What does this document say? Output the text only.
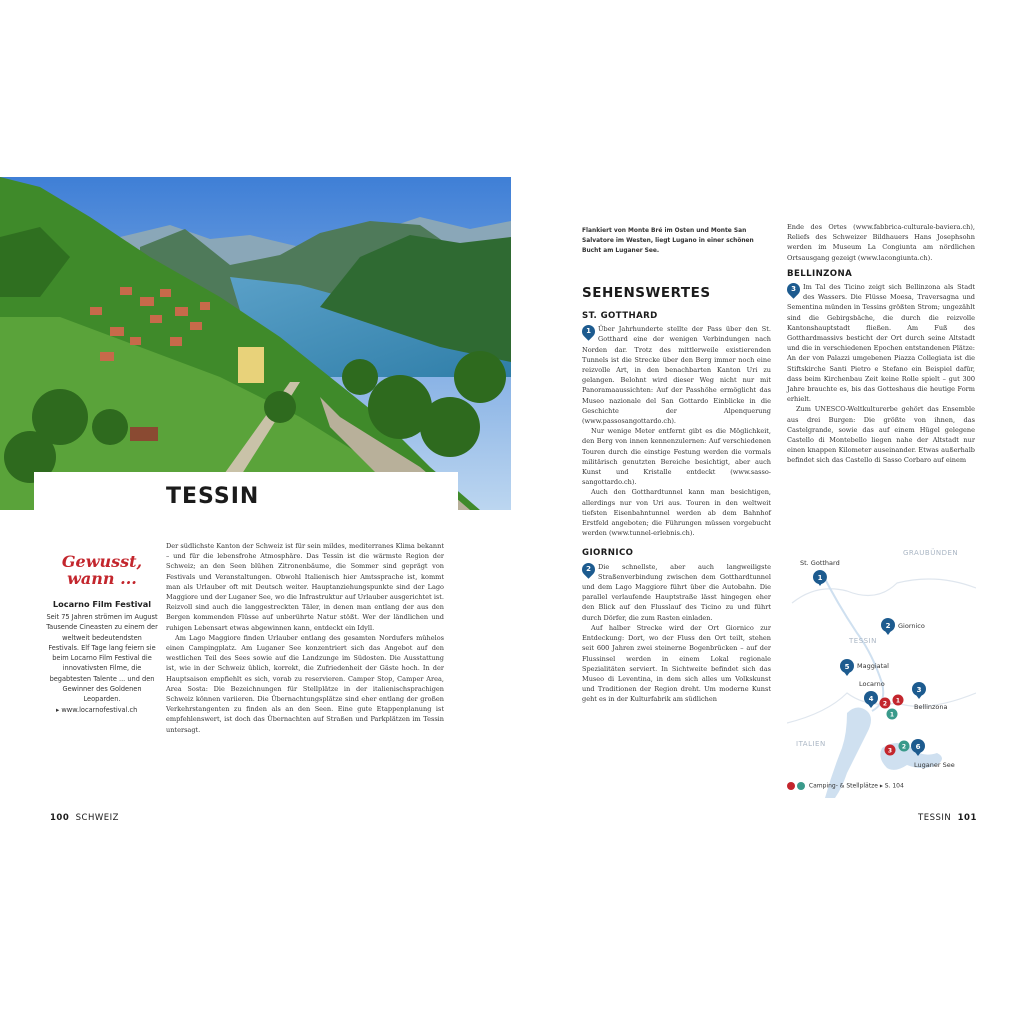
TESSIN
Gewusst,
wann ...
Locarno Film Festival
Seit 75 Jahren strömen im August Tausende Cineasten zu einem der weltweit bedeutendsten Festivals. Elf Tage lang feiern sie beim Locarno Film Festival die innovativsten Filme, die begabtesten Talente ... und den Gewinner des Goldenen Leoparden.
▸ www.locarnofestival.ch

Der südlichste Kanton der Schweiz ist für sein mildes, mediterranes Klima bekannt – und für die lebensfrohe Atmosphäre. Das Tessin ist die wärmste Region der Schweiz; an den Seen blühen Zitronenbäume, die Sommer sind geprägt von Festivals und Veranstaltungen. Obwohl Italienisch hier Amtssprache ist, kommt man als Urlauber oft mit Deutsch weiter. Hauptanziehungspunkte sind der Lago Maggiore und der Luganer See, wo die Infrastruktur auf Urlauber ausgerichtet ist. Reizvoll sind auch die langgestreckten Täler, in denen man entlang der aus den Bergen kommenden Flüsse auf unberührte Natur stößt. Wer der ländlichen und ruhigen Lebensart etwas abgewinnen kann, entdeckt ein Idyll.

Am Lago Maggiore finden Urlauber entlang des gesamten Nordufers mühelos einen Campingplatz. Am Luganer See konzentriert sich das Angebot auf den westlichen Teil des Sees sowie auf die Landzunge im Südosten. Die Ausstattung ist, wie in der Schweiz üblich, korrekt, die Zufriedenheit der Gäste hoch. In der Hauptsaison empfiehlt es sich, vorab zu reservieren. Camper Stop, Camper Area, Area Sosta: Die Bezeichnungen für Stellplätze in der italienischsprachigen Schweiz können variieren. Die Übernachtungsplätze sind eher entlang der großen Verkehrstangenten zu finden als an den Seen. Eine gute Etappenplanung ist empfehlenswert, ist doch das Übernachten auf Straßen und Parkplätzen im Tessin untersagt.

100 SCHWEIZ
Flankiert von Monte Bré im Osten und Monte San Salvatore im Westen, liegt Lugano in einer schönen Bucht am Luganer See.
SEHENSWERTES
ST. GOTTHARD

1	Über Jahrhunderte stellte der Pass über den St. Gotthard eine der wenigen Verbindungen nach Norden dar. Trotz des mittlerweile existierenden Tunnels ist die Strecke über den Berg immer noch eine reizvolle Art, in den benachbarten Kanton Uri zu gelangen. Belohnt wird dieser Weg nicht nur mit Panoramaaussichten: Auf der Passhöhe ermöglicht das Museo nazionale del San Gottardo Einblicke in die Geschichte der Alpenquerung (www.passosangottardo.ch).

Nur wenige Meter entfernt gibt es die Möglichkeit, den Berg von innen kennenzulernen: Auf verschiedenen Touren durch die einstige Festung werden die vormals militärisch genutzten Bereiche besichtigt, aber auch Kunst und Kristalle entdeckt (www.sasso-sangottardo.ch).

Auch den Gotthardtunnel kann man besichtigen, allerdings nur von Uri aus. Touren in den weltweit tiefsten Eisenbahntunnel werden ab dem Bahnhof Erstfeld angeboten; die Führungen müssen vorgebucht werden (www.tunnel-erlebnis.ch).

GIORNICO

2	Die schnellste, aber auch langweiligste Straßenverbindung zwischen dem Gotthardtunnel und dem Lago Maggiore führt über die Autobahn. Die parallel verlaufende Hauptstraße lässt hingegen eher den Blick auf den Flusslauf des Ticino zu und führt durch Dörfer, die zum Rasten einladen.

Auf halber Strecke wird der Ort Giornico zur Entdeckung: Dort, wo der Fluss den Ort teilt, stehen seit 600 Jahren zwei steinerne Bogenbrücken – auf der Flussinsel werden in einem Lokal regionale Spezialitäten serviert. In Sichtweite befindet sich das Museo di Leventina, in dem sich alles um Volkskunst und Traditionen der Region dreht. Um moderne Kunst geht es in der Kulturfabrik am südlichen

Ende des Ortes (www.fabbrica-culturale-baviera.ch), Reliefs des Schweizer Bildhauers Hans Josephsohn werden im Museum La Congiunta am nördlichen Ortsausgang gezeigt (www.lacongiunta.ch).

BELLINZONA

3	Im Tal des Ticino zeigt sich Bellinzona als Stadt des Wassers. Die Flüsse Moesa, Traversagna und Sementina münden in Tessins größten Strom; ungezählt sind die Gebirgsbäche, die durch die reizvolle Kantonshauptstadt fließen. Am Fuß des Gotthardmassivs besticht der Ort durch seine Altstadt und die in verschiedenen Epochen entstandenen Plätze: An der von Palazzi umgebenen Piazza Collegiata ist die Stiftskirche Santi Pietro e Stefano ein Beispiel dafür, dass beim Kirchenbau Zeit keine Rolle spielt – gut 300 Jahre brauchte es, bis das Gotteshaus die heutige Form erhielt.

Zum UNESCO-Weltkulturerbe gehört das Ensemble aus drei Burgen: Die größte von ihnen, das Castelgrande, sowie das auf einem Hügel gelegene Castello di Montebello liegen nahe der Altstadt nur einen knappen Kilometer auseinander. Etwas außerhalb befindet sich das Castello di Sasso Corbaro auf einem

GRAUBÜNDEN
TESSIN
ITALIEN
St. Gotthard
Giornico
Maggiatal
Locarno
Bellinzona
Luganer See
1
2
5
4
3
6
2 1
1
3
2
Camping- & Stellplätze ▸ S. 104
TESSIN 101
